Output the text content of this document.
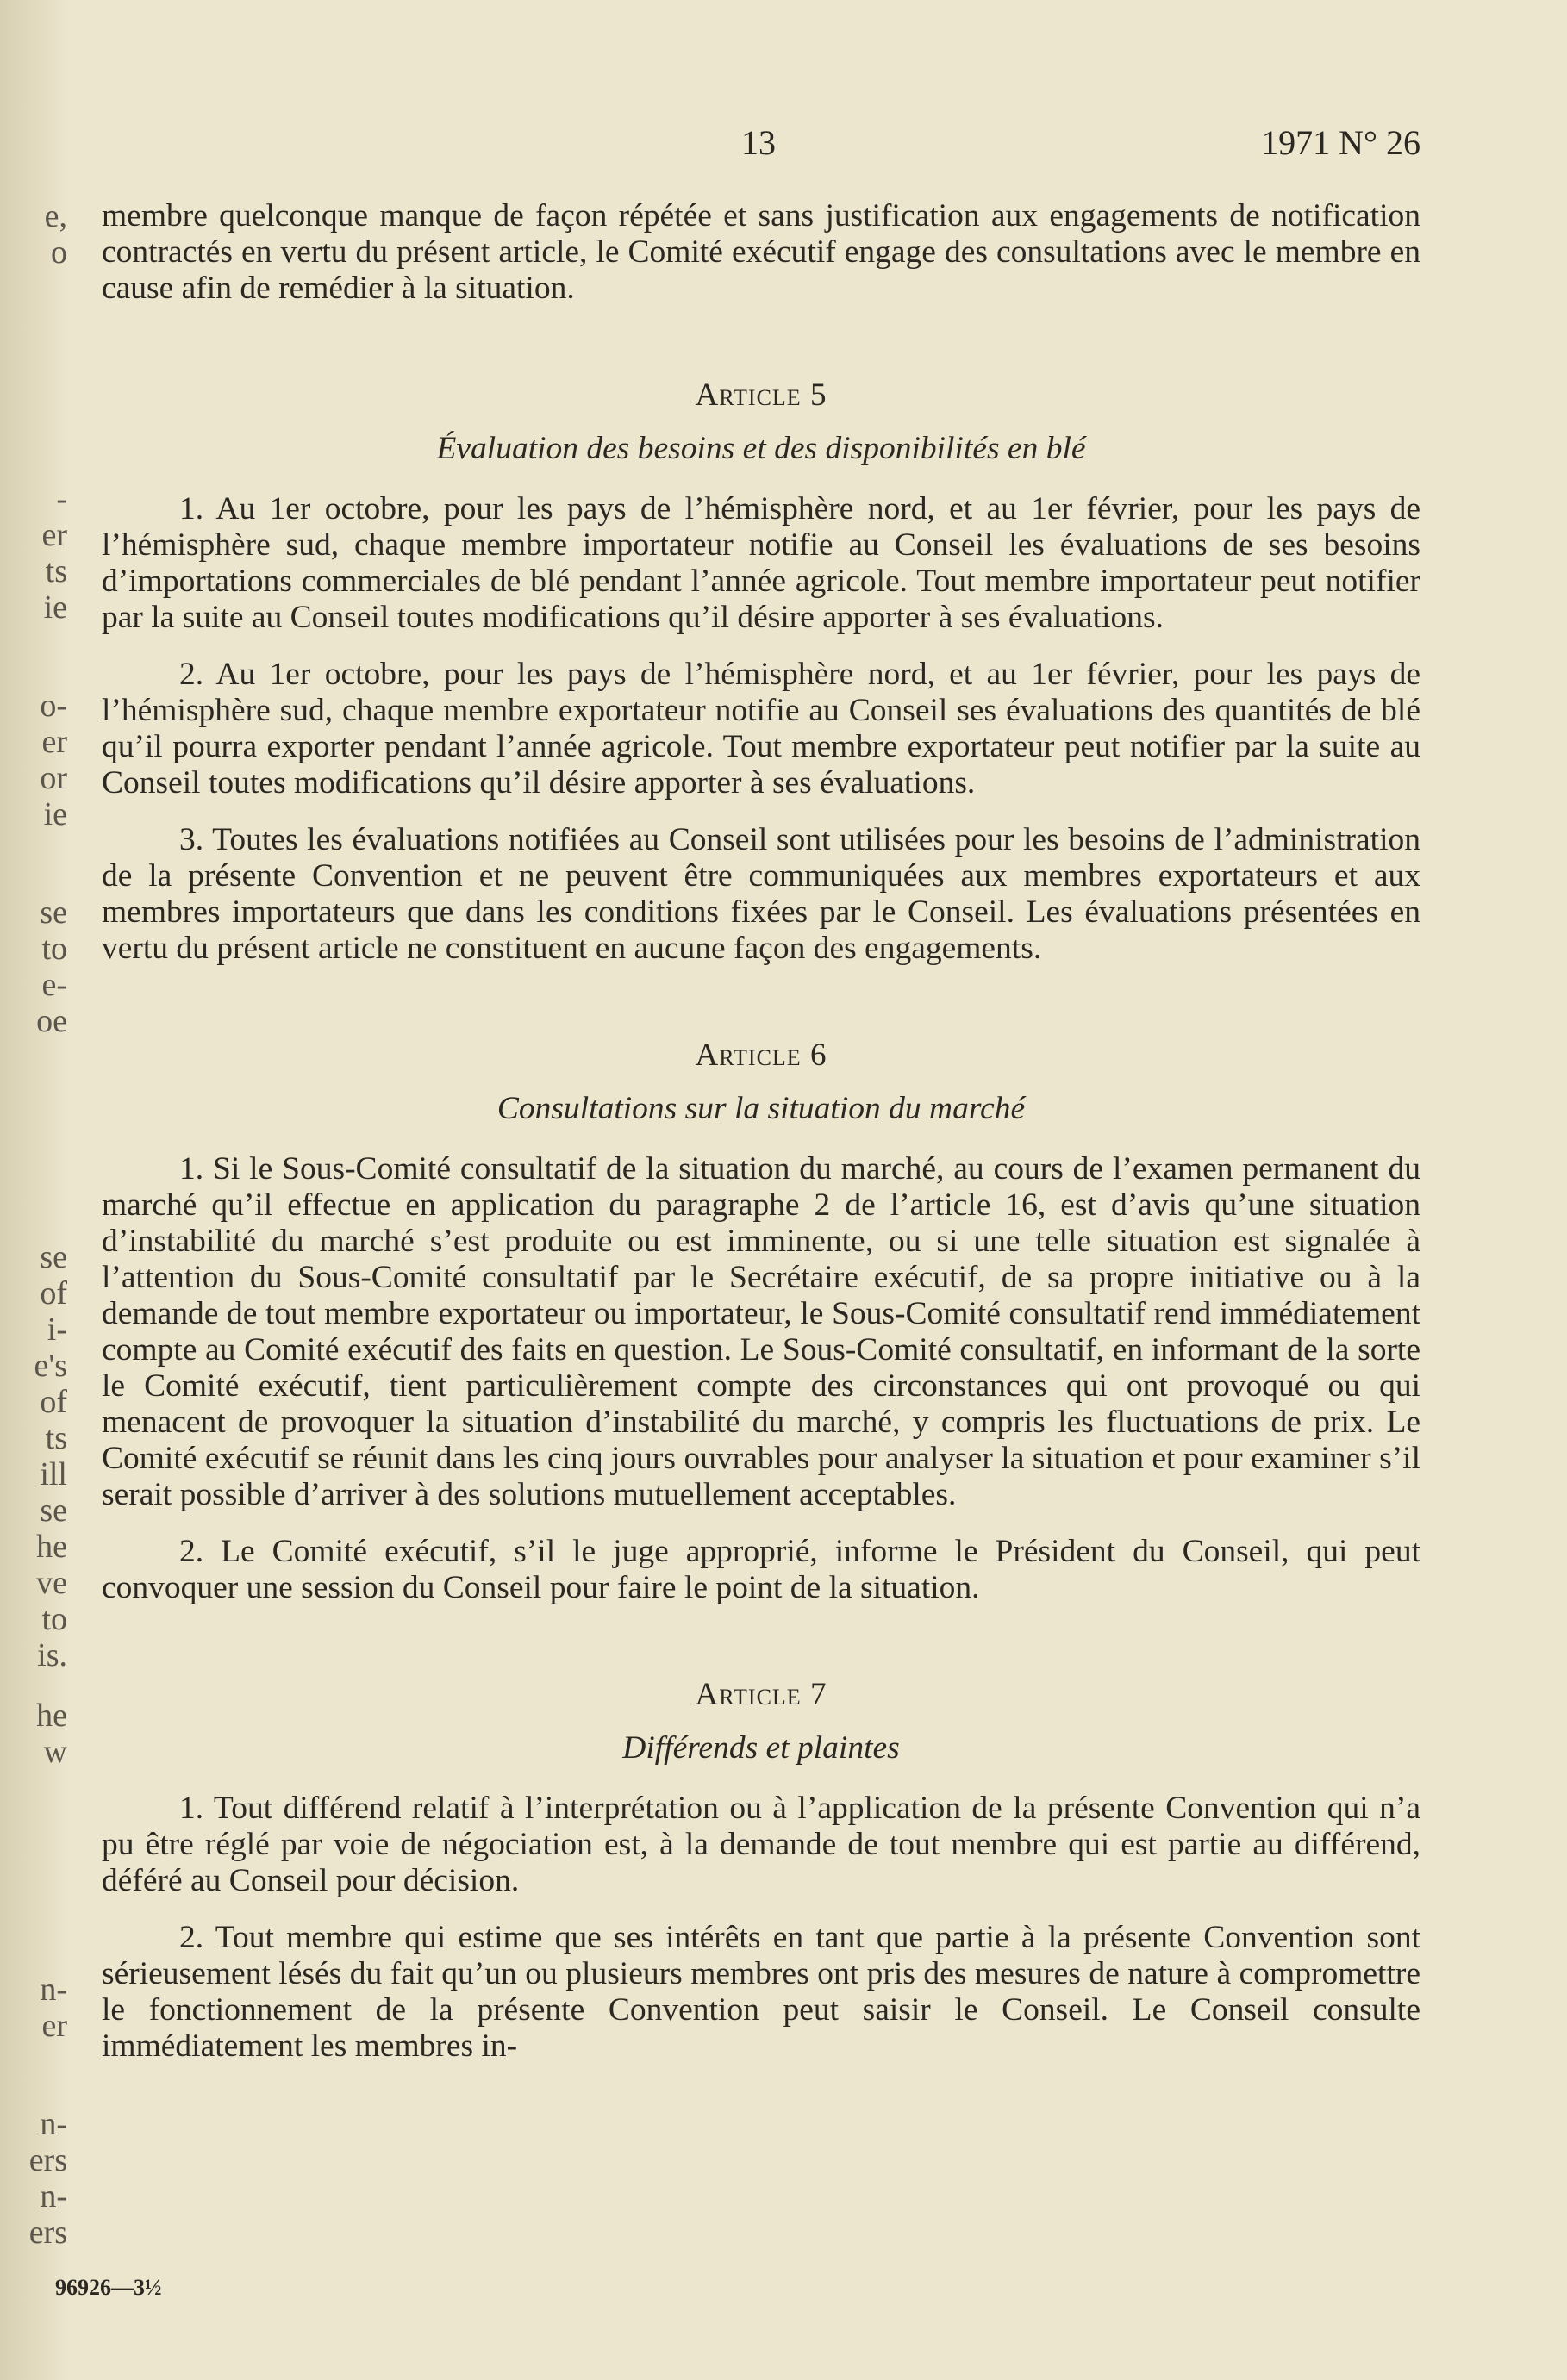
e,
o
-
er
ts
ie
o-
er
or
ie
se
to
e-
oe
se
of
i-
e's
of
ts
ill
se
he
ve
to
is.
he
w
n-
er
n-
ers
n-
ers
13	1971 N° 26

membre quelconque manque de façon répétée et sans justification aux engagements de notification contractés en vertu du présent article, le Comité exécutif engage des consultations avec le membre en cause afin de remédier à la situation.

Article 5

Évaluation des besoins et des disponibilités en blé

1. Au 1er octobre, pour les pays de l’hémisphère nord, et au 1er février, pour les pays de l’hémisphère sud, chaque membre importateur notifie au Conseil les évaluations de ses besoins d’importations commerciales de blé pendant l’année agricole. Tout membre importateur peut notifier par la suite au Conseil toutes modifications qu’il désire apporter à ses évaluations.

2. Au 1er octobre, pour les pays de l’hémisphère nord, et au 1er février, pour les pays de l’hémisphère sud, chaque membre exportateur notifie au Conseil ses évaluations des quantités de blé qu’il pourra exporter pendant l’année agricole. Tout membre exportateur peut notifier par la suite au Conseil toutes modifications qu’il désire apporter à ses évaluations.

3. Toutes les évaluations notifiées au Conseil sont utilisées pour les besoins de l’administration de la présente Convention et ne peuvent être communiquées aux membres exportateurs et aux membres importateurs que dans les conditions fixées par le Conseil. Les évaluations présentées en vertu du présent article ne constituent en aucune façon des engagements.

Article 6

Consultations sur la situation du marché

1. Si le Sous-Comité consultatif de la situation du marché, au cours de l’examen permanent du marché qu’il effectue en application du paragraphe 2 de l’article 16, est d’avis qu’une situation d’instabilité du marché s’est produite ou est imminente, ou si une telle situation est signalée à l’attention du Sous-Comité consultatif par le Secrétaire exécutif, de sa propre initiative ou à la demande de tout membre exportateur ou importateur, le Sous-Comité consultatif rend immédiatement compte au Comité exécutif des faits en question. Le Sous-Comité consultatif, en informant de la sorte le Comité exécutif, tient particulièrement compte des circonstances qui ont provoqué ou qui menacent de provoquer la situation d’instabilité du marché, y compris les fluctuations de prix. Le Comité exécutif se réunit dans les cinq jours ouvrables pour analyser la situation et pour examiner s’il serait possible d’arriver à des solutions mutuellement acceptables.

2. Le Comité exécutif, s’il le juge approprié, informe le Président du Conseil, qui peut convoquer une session du Conseil pour faire le point de la situation.

Article 7

Différends et plaintes

1. Tout différend relatif à l’interprétation ou à l’application de la présente Convention qui n’a pu être réglé par voie de négociation est, à la demande de tout membre qui est partie au différend, déféré au Conseil pour décision.

2. Tout membre qui estime que ses intérêts en tant que partie à la présente Convention sont sérieusement lésés du fait qu’un ou plusieurs membres ont pris des mesures de nature à compromettre le fonctionnement de la présente Convention peut saisir le Conseil. Le Conseil consulte immédiatement les membres in-

96926—3½
